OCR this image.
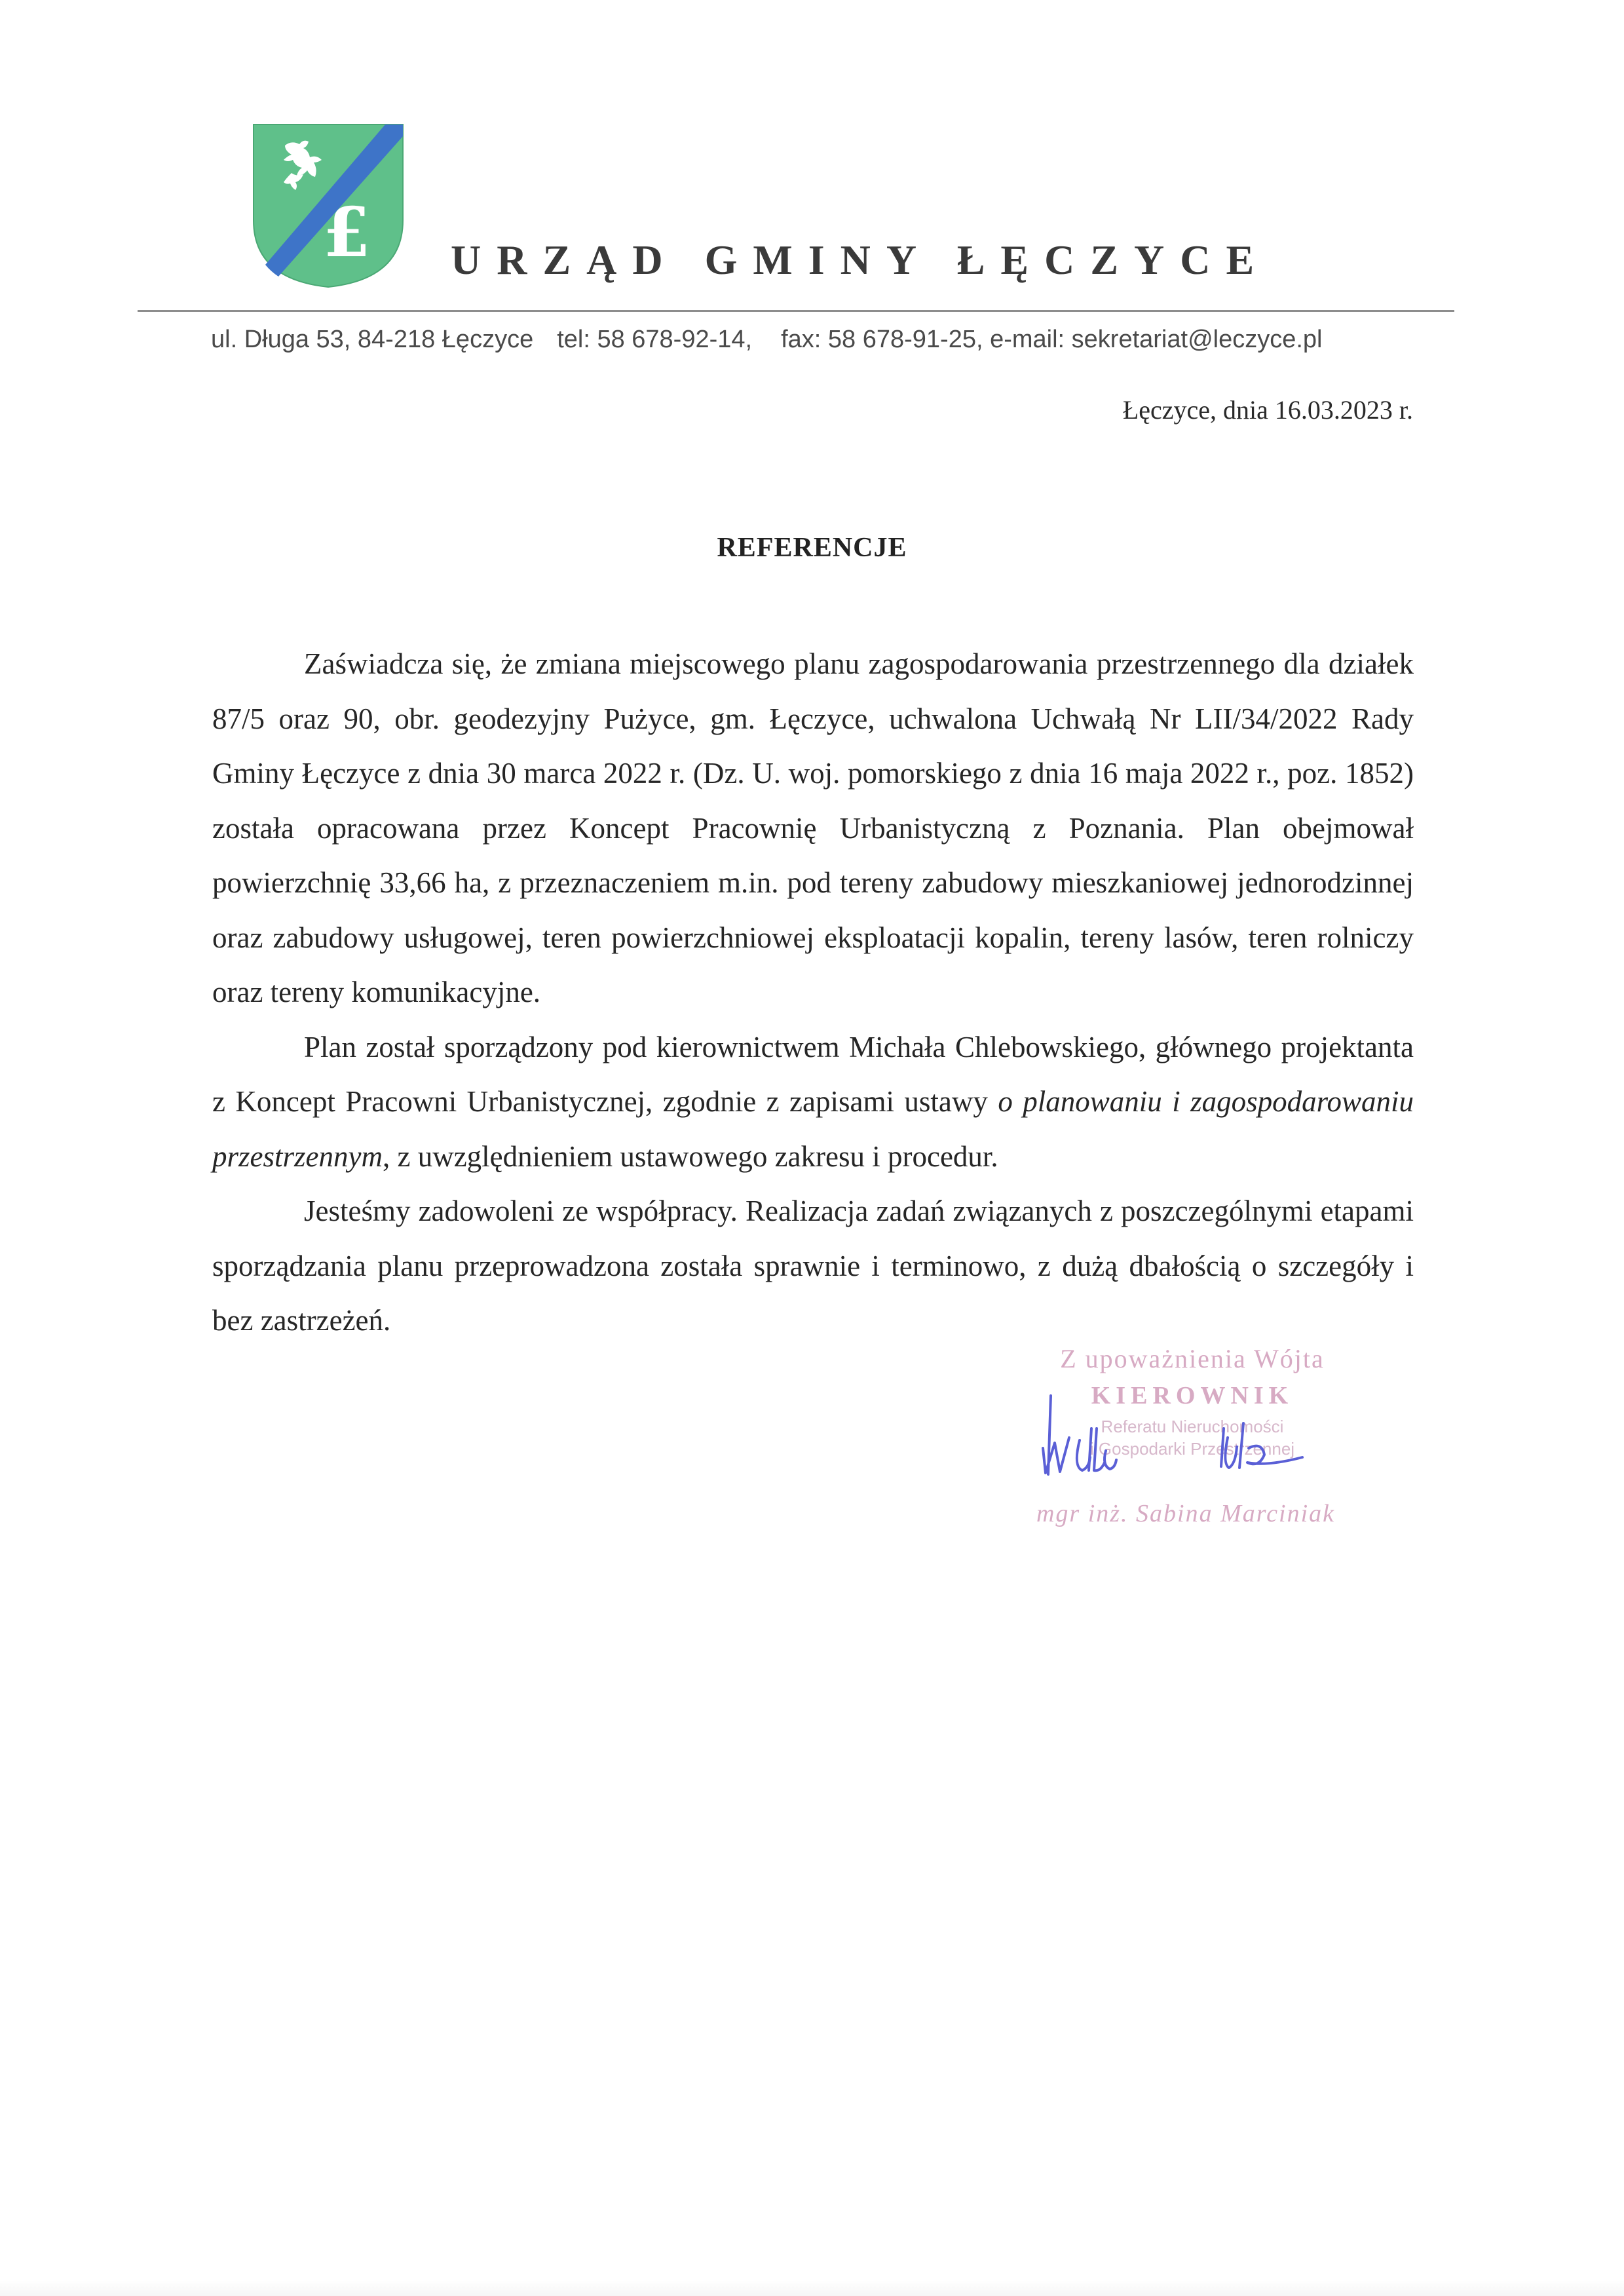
£ URZĄD GMINY ŁĘCZYCE
ul. Długa 53, 84-218 Łęczyce tel: 58 678-92-14, fax: 58 678-91-25, e-mail: sekretariat@leczyce.pl
Łęczyce, dnia 16.03.2023 r.
REFERENCJE

Zaświadcza się, że zmiana miejscowego planu zagospodarowania przestrzennego dla działek 87/5 oraz 90, obr. geodezyjny Pużyce, gm. Łęczyce, uchwalona Uchwałą Nr LII/34/2022 Rady Gminy Łęczyce z dnia 30 marca 2022 r. (Dz. U. woj. pomorskiego z dnia 16 maja 2022 r., poz. 1852) została opracowana przez Koncept Pracownię Urbanistyczną z Poznania. Plan obejmował powierzchnię 33,66 ha, z przeznaczeniem m.in. pod tereny zabudowy mieszkaniowej jednorodzinnej oraz zabudowy usługowej, teren powierzchniowej eksploatacji kopalin, tereny lasów, teren rolniczy oraz tereny komunikacyjne.

Plan został sporządzony pod kierownictwem Michała Chlebowskiego, głównego projektanta z Koncept Pracowni Urbanistycznej, zgodnie z zapisami ustawy o planowaniu i zagospodarowaniu przestrzennym, z uwzględnieniem ustawowego zakresu i procedur.

Jesteśmy zadowoleni ze współpracy. Realizacja zadań związanych z poszczególnymi etapami sporządzania planu przeprowadzona została sprawnie i terminowo, z dużą dbałością o szczegóły i bez zastrzeżeń.

Z upoważnienia Wójta
KIEROWNIK
Referatu Nieruchomości
i Gospodarki Przestrzennej
mgr inż. Sabina Marciniak
